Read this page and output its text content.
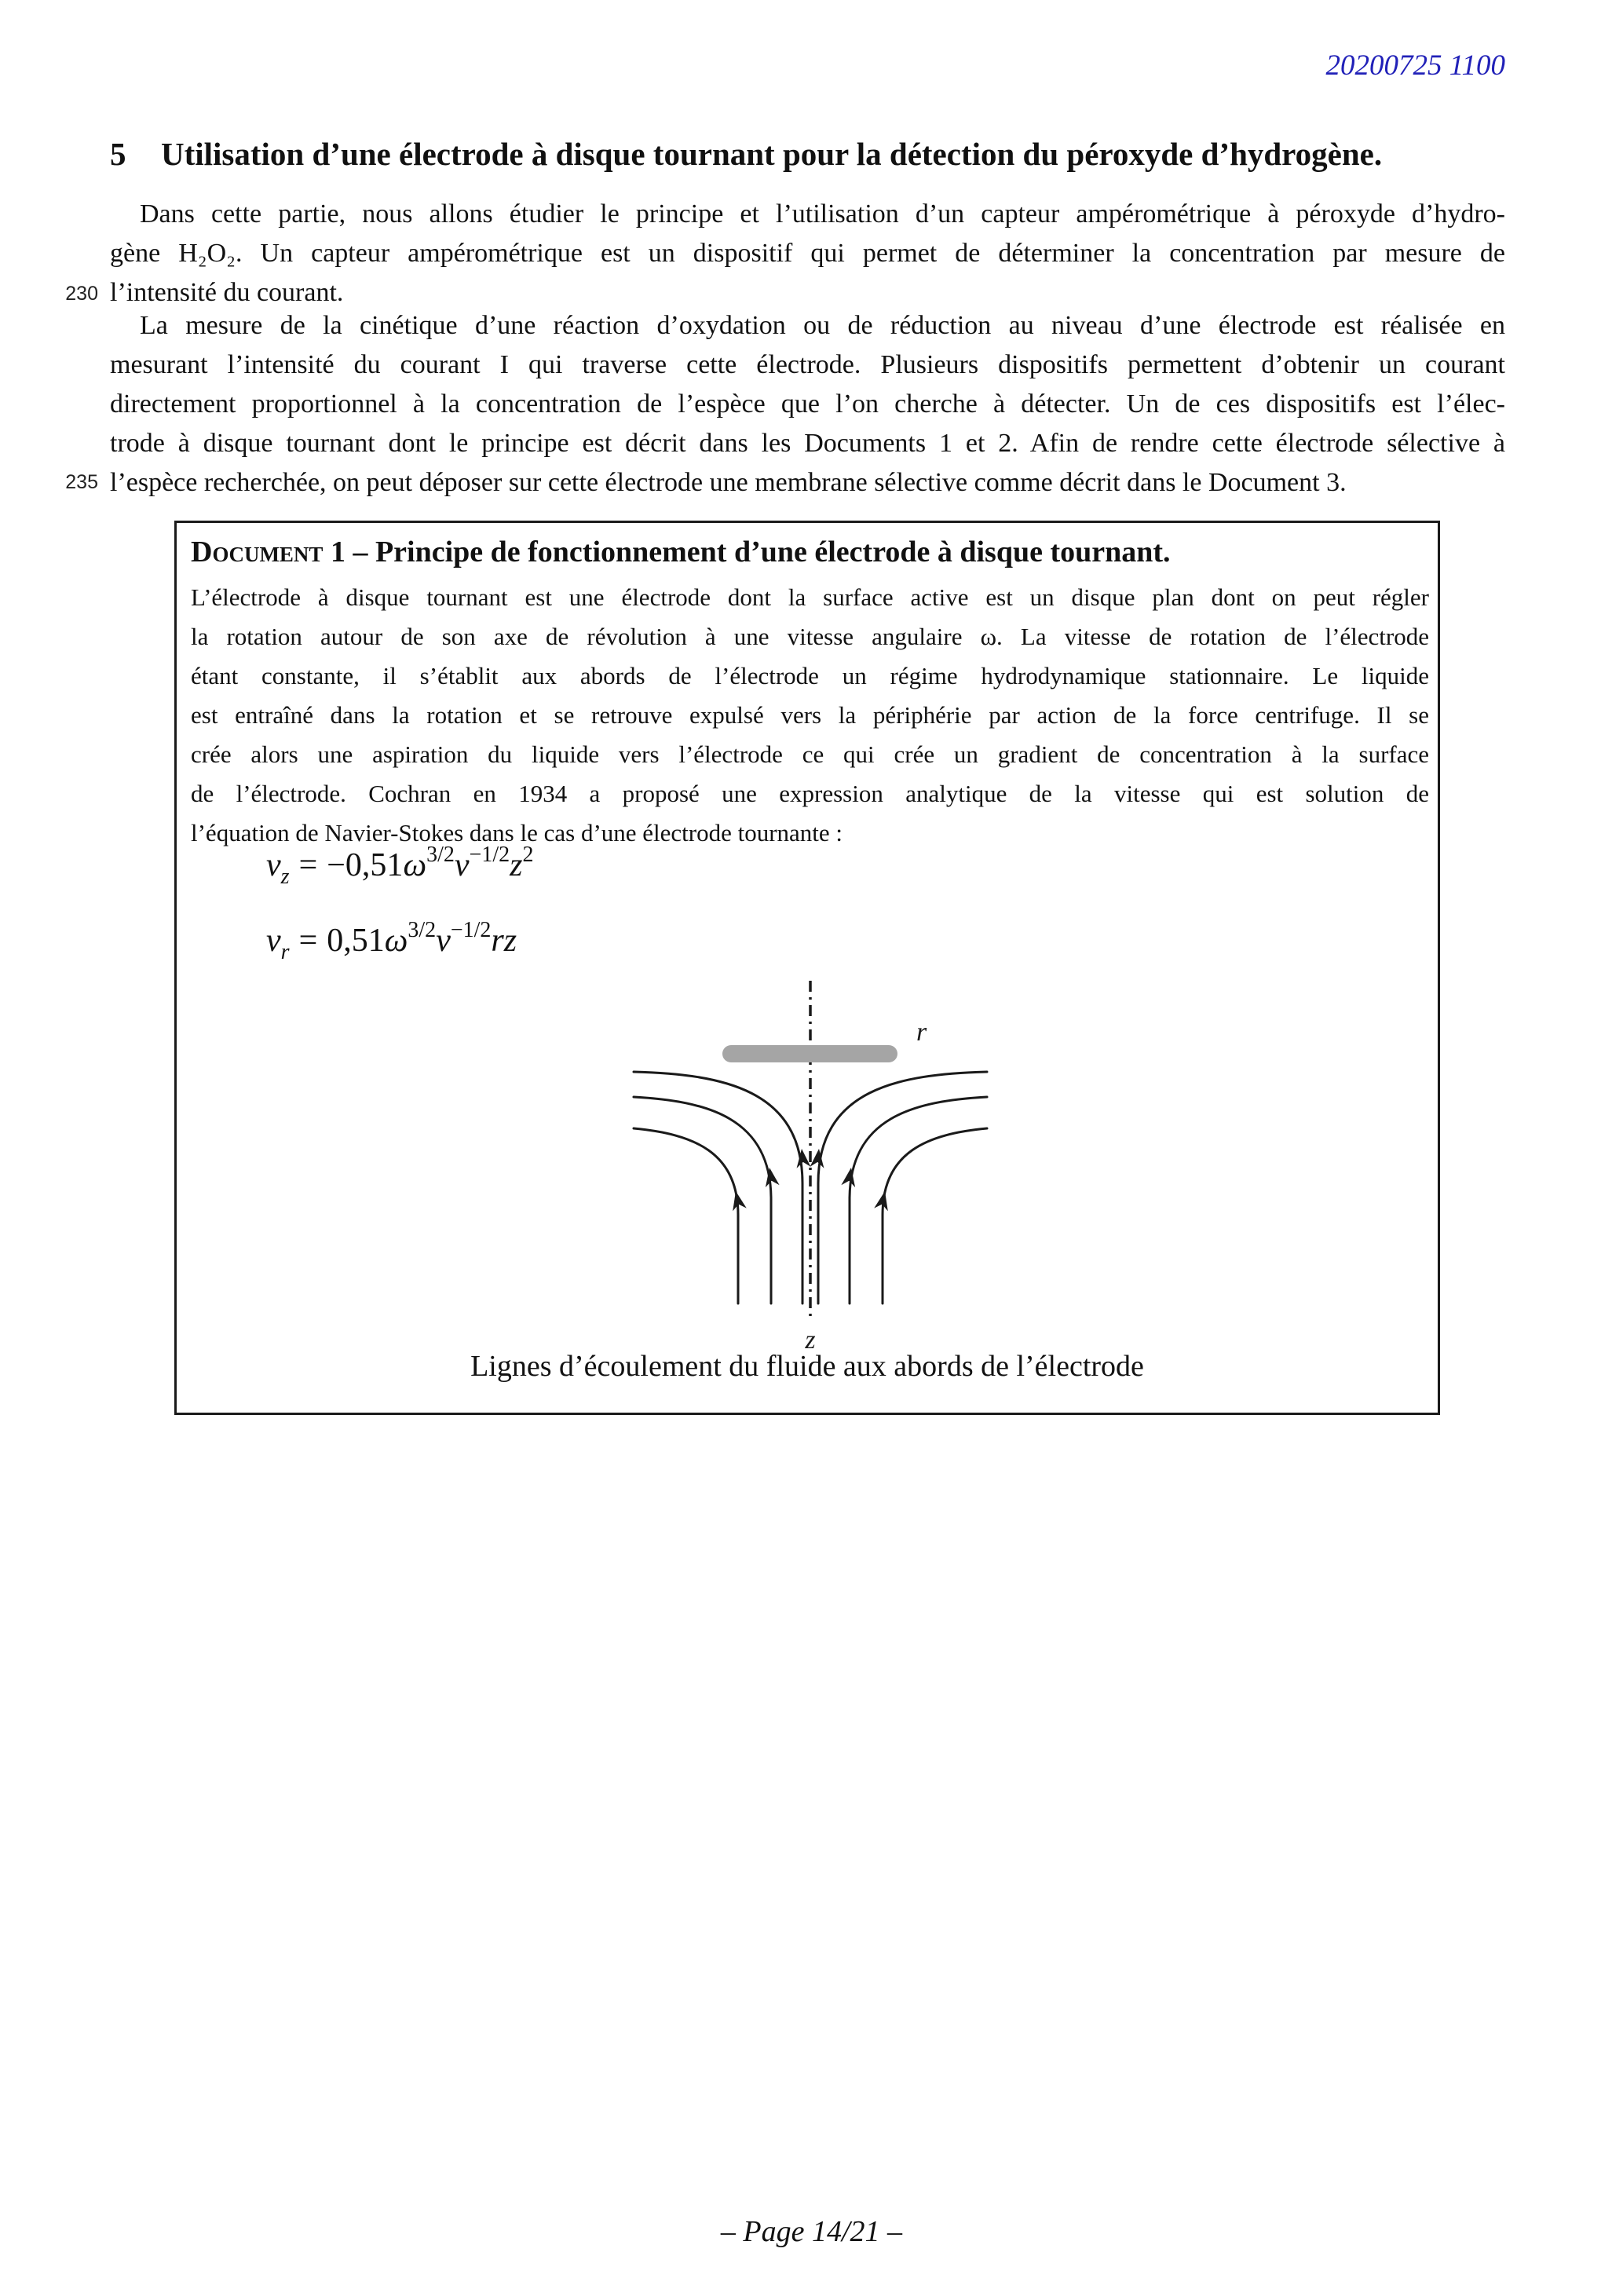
20200725 1100
5 Utilisation d’une électrode à disque tournant pour la détection du péroxyde d’hydrogène.
230
235
Dans cette partie, nous allons étudier le principe et l’utilisation d’un capteur ampérométrique à péroxyde d’hydro-
gène H₂O₂. Un capteur ampérométrique est un dispositif qui permet de déterminer la concentration par mesure de
l’intensité du courant.
La mesure de la cinétique d’une réaction d’oxydation ou de réduction au niveau d’une électrode est réalisée en
mesurant l’intensité du courant I qui traverse cette électrode. Plusieurs dispositifs permettent d’obtenir un courant
directement proportionnel à la concentration de l’espèce que l’on cherche à détecter. Un de ces dispositifs est l’élec-
trode à disque tournant dont le principe est décrit dans les Documents 1 et 2. Afin de rendre cette électrode sélective à
l’espèce recherchée, on peut déposer sur cette électrode une membrane sélective comme décrit dans le Document 3.
Document 1 – Principe de fonctionnement d’une électrode à disque tournant.
L’électrode à disque tournant est une électrode dont la surface active est un disque plan dont on peut régler
la rotation autour de son axe de révolution à une vitesse angulaire ω. La vitesse de rotation de l’électrode
étant constante, il s’établit aux abords de l’électrode un régime hydrodynamique stationnaire. Le liquide
est entraîné dans la rotation et se retrouve expulsé vers la périphérie par action de la force centrifuge. Il se
crée alors une aspiration du liquide vers l’électrode ce qui crée un gradient de concentration à la surface
de l’électrode. Cochran en 1934 a proposé une expression analytique de la vitesse qui est solution de
l’équation de Navier-Stokes dans le cas d’une électrode tournante :
$v_z = -0,51\omega^{3/2}\nu^{-1/2}z^2$
$v_r = 0,51\omega^{3/2}\nu^{-1/2}rz$
r
z
Lignes d’écoulement du fluide aux abords de l’électrode
– Page 14/21 –
